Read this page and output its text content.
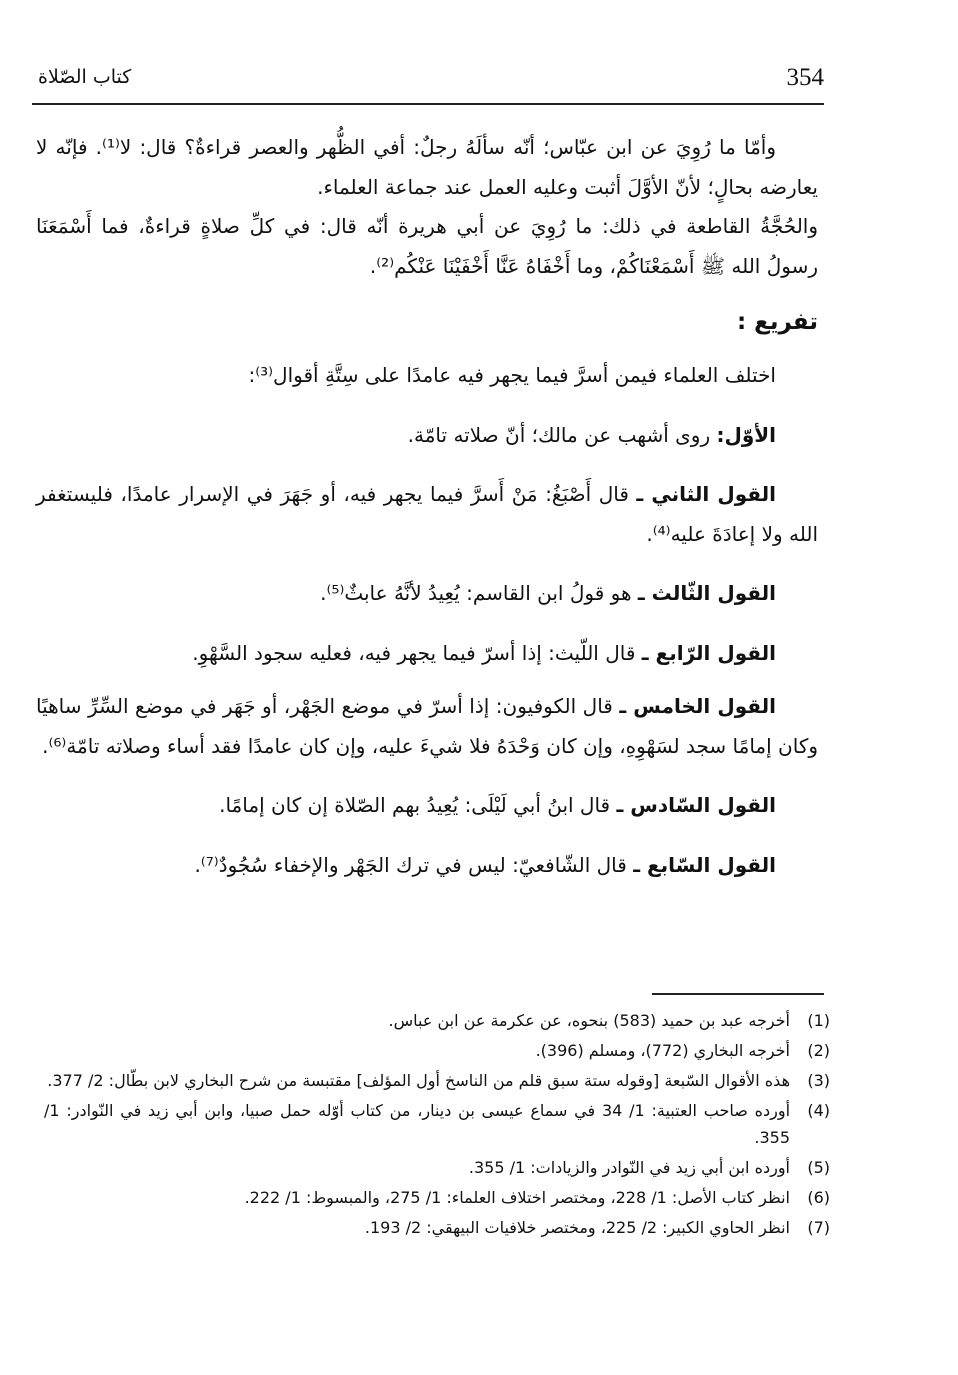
354
كتاب الصّلاة

وأمّا ما رُوِيَ عن ابن عبّاس؛ أنّه سألَهُ رجلٌ: أفي الظُّهر والعصر قراءةٌ؟ قال: لا⁽¹⁾. فإنّه لا يعارضه بحالٍ؛ لأنّ الأوَّلَ أثبت وعليه العمل عند جماعة العلماء.

والحُجَّةُ القاطعة في ذلك: ما رُوِيَ عن أبي هريرة أنّه قال: في كلِّ صلاةٍ قراءةٌ، فما أَسْمَعَنَا رسولُ الله ﷺ أَسْمَعْنَاكُمْ، وما أَخْفَاهُ عَنَّا أَخْفَيْنَا عَنْكُم⁽²⁾.

تفريع :

اختلف العلماء فيمن أسرَّ فيما يجهر فيه عامدًا على سِتَّةِ أقوال⁽³⁾:

الأوّل: روى أشهب عن مالك؛ أنّ صلاته تامّة.

القول الثاني ـ قال أَصْبَغُ: مَنْ أَسرَّ فيما يجهر فيه، أو جَهَرَ في الإسرار عامدًا، فليستغفر الله ولا إعادَةَ عليه⁽⁴⁾.

القول الثّالث ـ هو قولُ ابن القاسم: يُعِيدُ لأنَّهُ عابثٌ⁽⁵⁾.

القول الرّابع ـ قال اللّيث: إذا أسرّ فيما يجهر فيه، فعليه سجود السَّهْوِ.

القول الخامس ـ قال الكوفيون: إذا أسرّ في موضع الجَهْر، أو جَهَر في موضع السِّرِّ ساهيًا وكان إمامًا سجد لسَهْوِهِ، وإن كان وَحْدَهُ فلا شيءَ عليه، وإن كان عامدًا فقد أساء وصلاته تامّة⁽⁶⁾.

القول السّادس ـ قال ابنُ أبي لَيْلَى: يُعِيدُ بهم الصّلاة إن كان إمامًا.

القول السّابع ـ قال الشّافعيّ: ليس في ترك الجَهْر والإخفاء سُجُودٌ⁽⁷⁾.

(1)
أخرجه عبد بن حميد (583) بنحوه، عن عكرمة عن ابن عباس.
(2)
أخرجه البخاري (772)، ومسلم (396).
(3)
هذه الأقوال السّبعة [وقوله ستة سبق قلم من الناسخ أول المؤلف] مقتبسة من شرح البخاري لابن بطّال: 2/ 377.
(4)
أورده صاحب العتبية: 1/ 34 في سماع عيسى بن دينار، من كتاب أوّله حمل صبيا، وابن أبي زيد في النّوادر: 1/ 355.
(5)
أورده ابن أبي زيد في النّوادر والزيادات: 1/ 355.
(6)
انظر كتاب الأصل: 1/ 228، ومختصر اختلاف العلماء: 1/ 275، والمبسوط: 1/ 222.
(7)
انظر الحاوي الكبير: 2/ 225، ومختصر خلافيات البيهقي: 2/ 193.
